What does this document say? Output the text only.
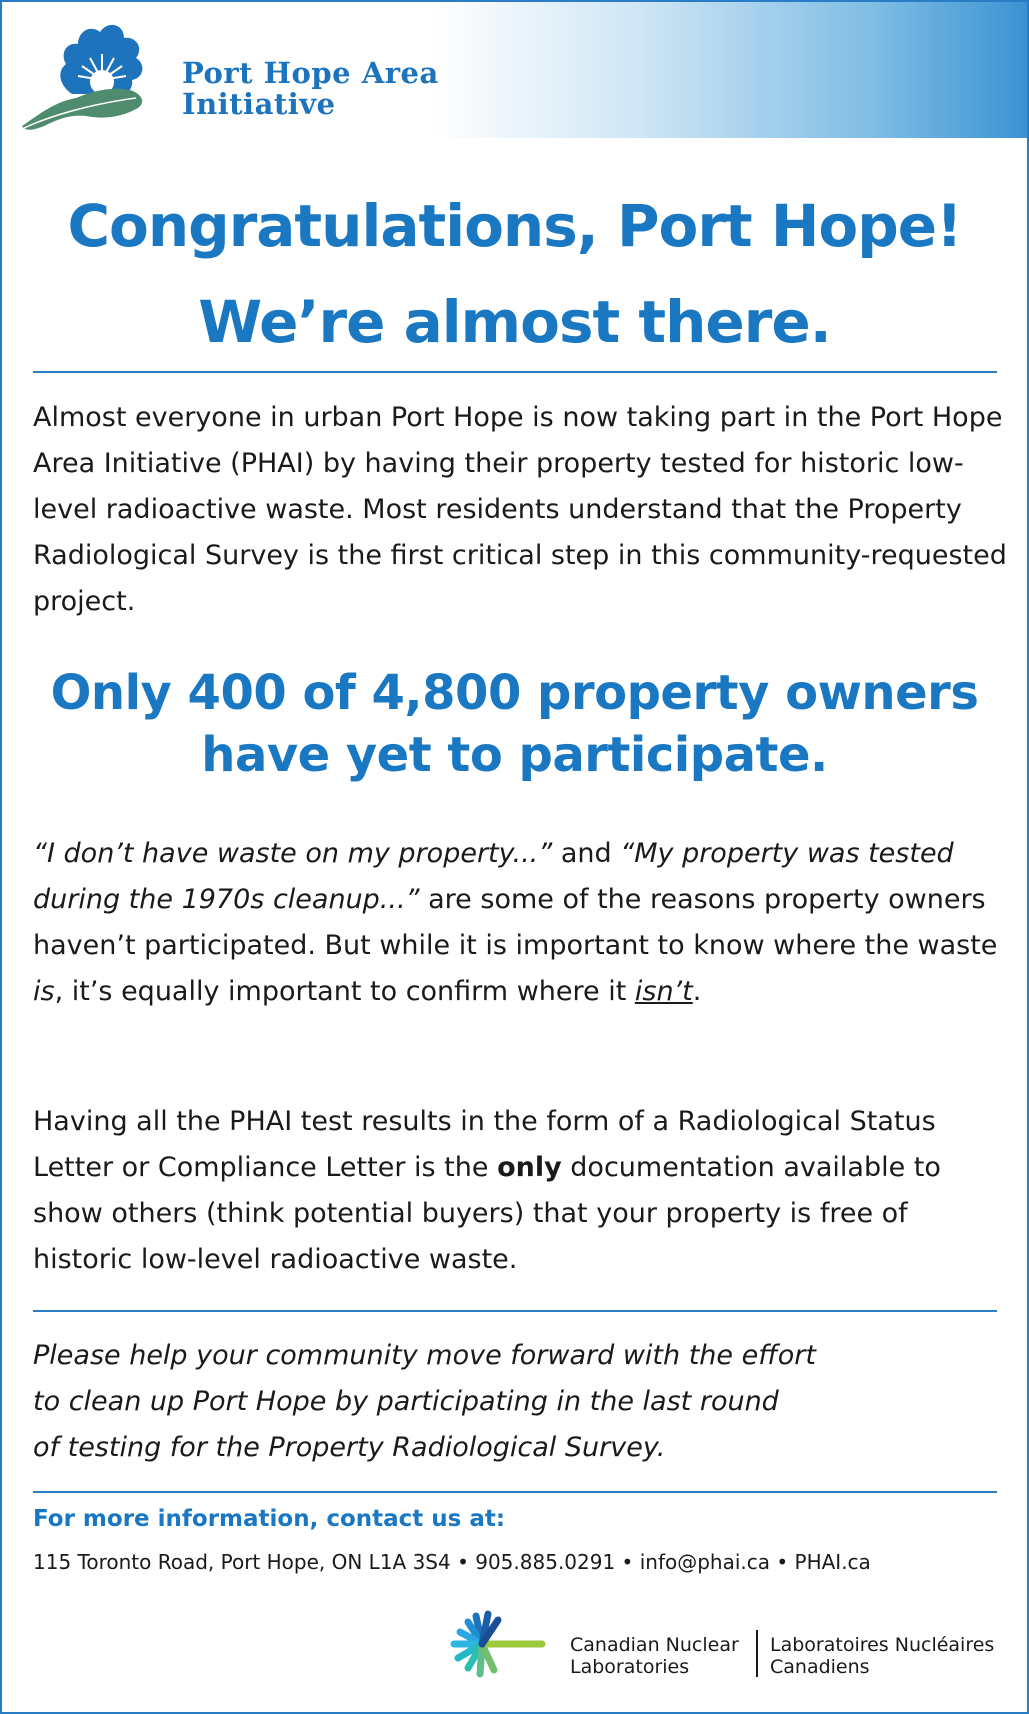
Port Hope Area
Initiative
Congratulations, Port Hope!
We’re almost there.

Almost everyone in urban Port Hope is now taking part in the Port Hope Area Initiative (PHAI) by having their property tested for historic low-level radioactive waste. Most residents understand that the Property Radiological Survey is the first critical step in this community-requested project.

Only 400 of 4,800 property owners
have yet to participate.

“I don’t have waste on my property...” and “My property was tested during the 1970s cleanup...” are some of the reasons property owners haven’t participated. But while it is important to know where the waste is, it’s equally important to confirm where it isn’t.

Having all the PHAI test results in the form of a Radiological Status Letter or Compliance Letter is the only documentation available to show others (think potential buyers) that your property is free of historic low-level radioactive waste.

Please help your community move forward with the effort
to clean up Port Hope by participating in the last round
of testing for the Property Radiological Survey.
For more information, contact us at:
115 Toronto Road, Port Hope, ON L1A 3S4 • 905.885.0291 • info@phai.ca • PHAI.ca
Canadian Nuclear
Laboratories
Laboratoires Nucléaires
Canadiens
